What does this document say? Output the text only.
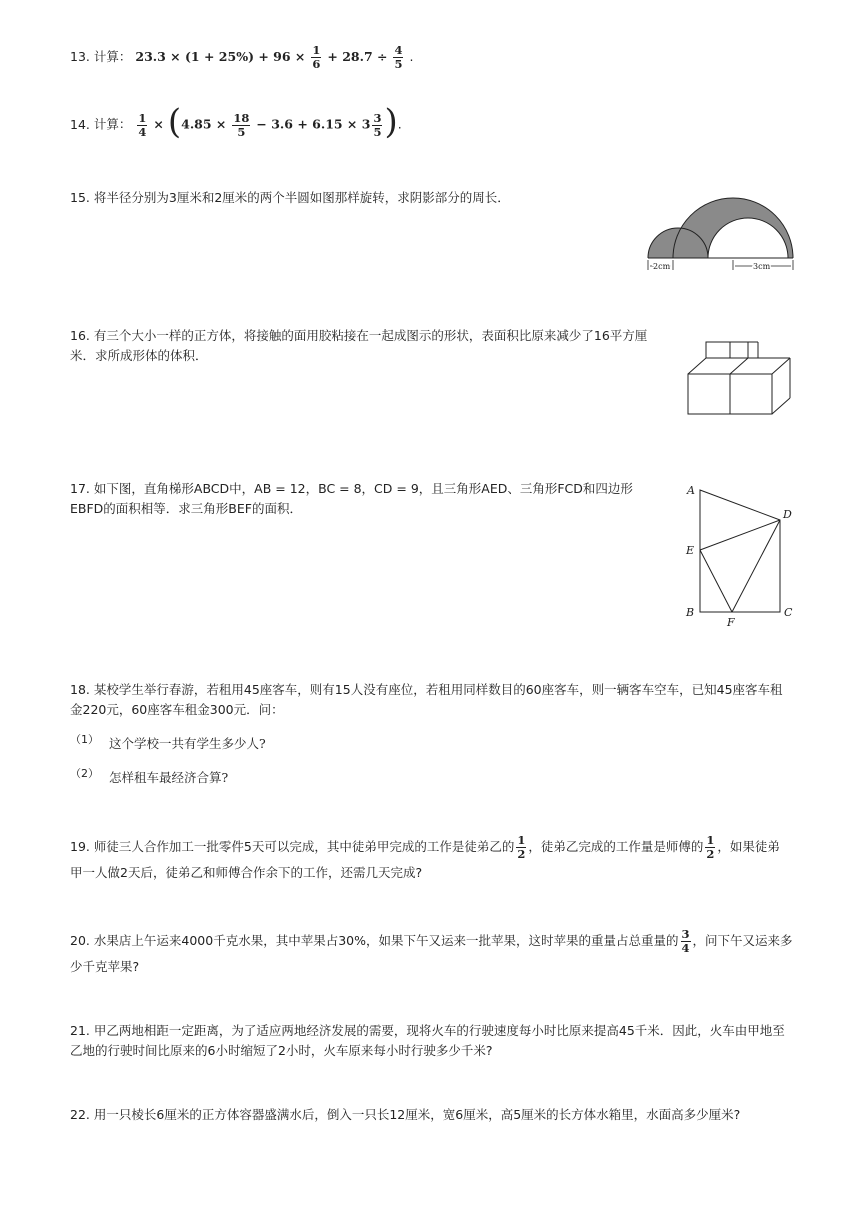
13. 计算： $23.3 \times (1 + 25\%) + 96 \times \frac{1}{6} + 28.7 \div \frac{4}{5}$ .
14. 计算： $\frac{1}{4} \times (4.85 \times \frac{18}{5} - 3.6 + 6.15 \times 3 \frac{3}{5}$ ).
15. 将半径分别为3厘米和2厘米的两个半圆如图那样旋转，求阴影部分的周长．
2cm	3cm
16. 有三个大小一样的正方体，将接触的面用胶粘接在一起成图示的形状，表面积比原来减少了16平方厘
米．求所成形体的体积．
17. 如下图，直角梯形ABCD中，AB = 12，BC = 8，CD = 9，且三角形AED、三角形FCD和四边形
EBFD的面积相等．求三角形BEF的面积．
A
D
E
B	C
F
18. 某校学生举行春游，若租用45座客车，则有15人没有座位，若租用同样数目的60座客车，则一辆客车空车，已知45座客车租
金220元，60座客车租金300元．问：
（1） 这个学校一共有学生多少人?
（2） 怎样租车最经济合算?
19. 师徒三人合作加工一批零件5天可以完成，其中徒弟甲完成的工作是徒弟乙的 $\frac{1}{2}$ ，徒弟乙完成的工作量是师傅的 $\frac{1}{2}$ ，如果徒弟
甲一人做2天后，徒弟乙和师傅合作余下的工作，还需几天完成?
20. 水果店上午运来4000千克水果，其中苹果占30%，如果下午又运来一批苹果，这时苹果的重量占总重量的 $\frac{3}{4}$ ，问下午又运来多
少千克苹果?
21. 甲乙两地相距一定距离，为了适应两地经济发展的需要，现将火车的行驶速度每小时比原来提高45千米．因此，火车由甲地至
乙地的行驶时间比原来的6小时缩短了2小时，火车原来每小时行驶多少千米?
22. 用一只棱长6厘米的正方体容器盛满水后，倒入一只长12厘米，宽6厘米，高5厘米的长方体水箱里，水面高多少厘米?
